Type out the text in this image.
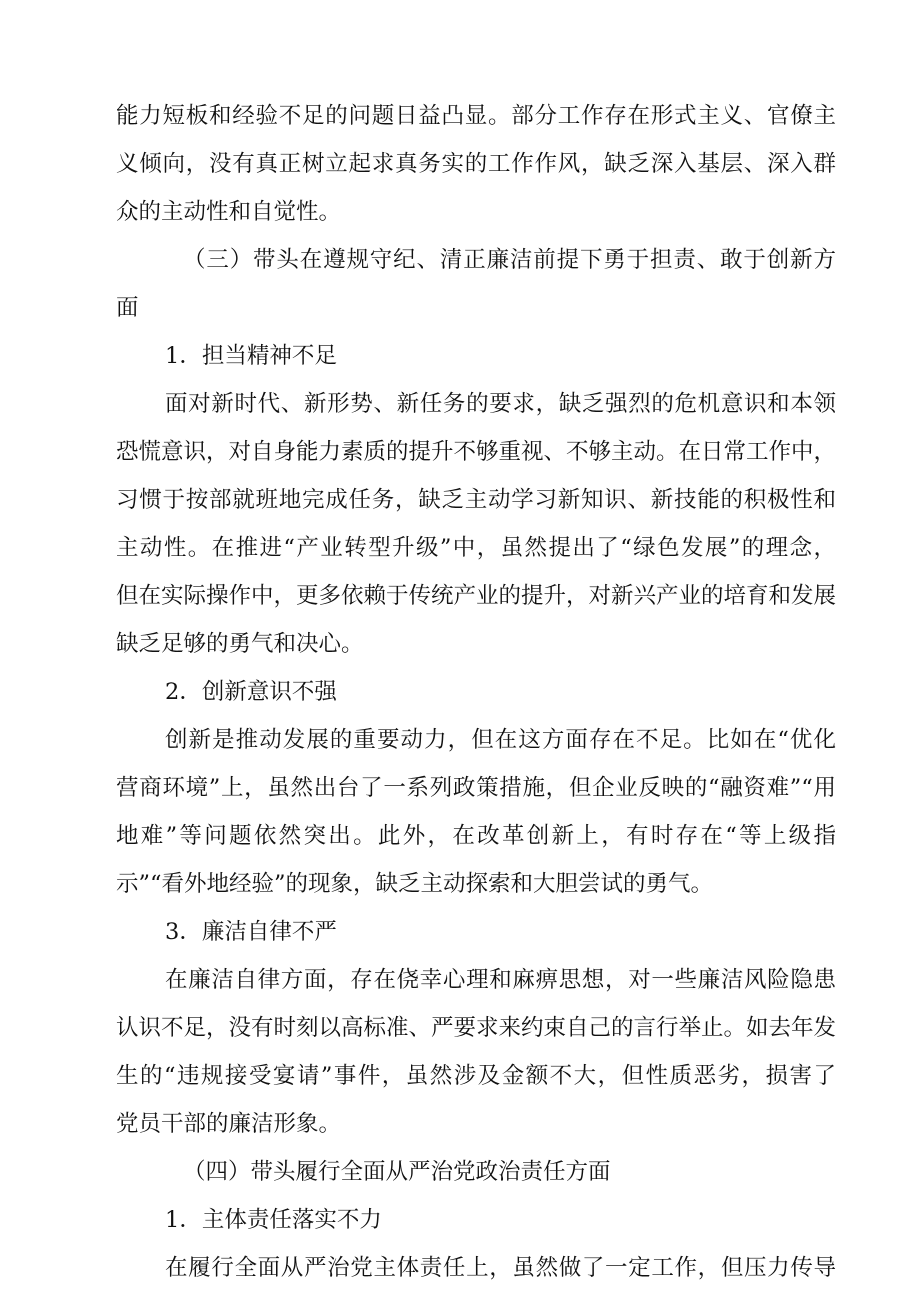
能力短板和经验不足的问题日益凸显。部分工作存在形式主义、官僚主
义倾向，没有真正树立起求真务实的工作作风，缺乏深入基层、深入群
众的主动性和自觉性。
（三）带头在遵规守纪、清正廉洁前提下勇于担责、敢于创新方
面
1．担当精神不足
面对新时代、新形势、新任务的要求，缺乏强烈的危机意识和本领
恐慌意识，对自身能力素质的提升不够重视、不够主动。在日常工作中，
习惯于按部就班地完成任务，缺乏主动学习新知识、新技能的积极性和
主动性。在推进“产业转型升级”中，虽然提出了“绿色发展”的理念，
但在实际操作中，更多依赖于传统产业的提升，对新兴产业的培育和发展
缺乏足够的勇气和决心。
2．创新意识不强
创新是推动发展的重要动力，但在这方面存在不足。比如在“优化
营商环境”上，虽然出台了一系列政策措施，但企业反映的“融资难”“用
地难”等问题依然突出。此外，在改革创新上，有时存在“等上级指
示”“看外地经验”的现象，缺乏主动探索和大胆尝试的勇气。
3．廉洁自律不严
在廉洁自律方面，存在侥幸心理和麻痹思想，对一些廉洁风险隐患
认识不足，没有时刻以高标准、严要求来约束自己的言行举止。如去年发
生的“违规接受宴请”事件，虽然涉及金额不大，但性质恶劣，损害了
党员干部的廉洁形象。
（四）带头履行全面从严治党政治责任方面
1．主体责任落实不力
在履行全面从严治党主体责任上，虽然做了一定工作，但压力传导
